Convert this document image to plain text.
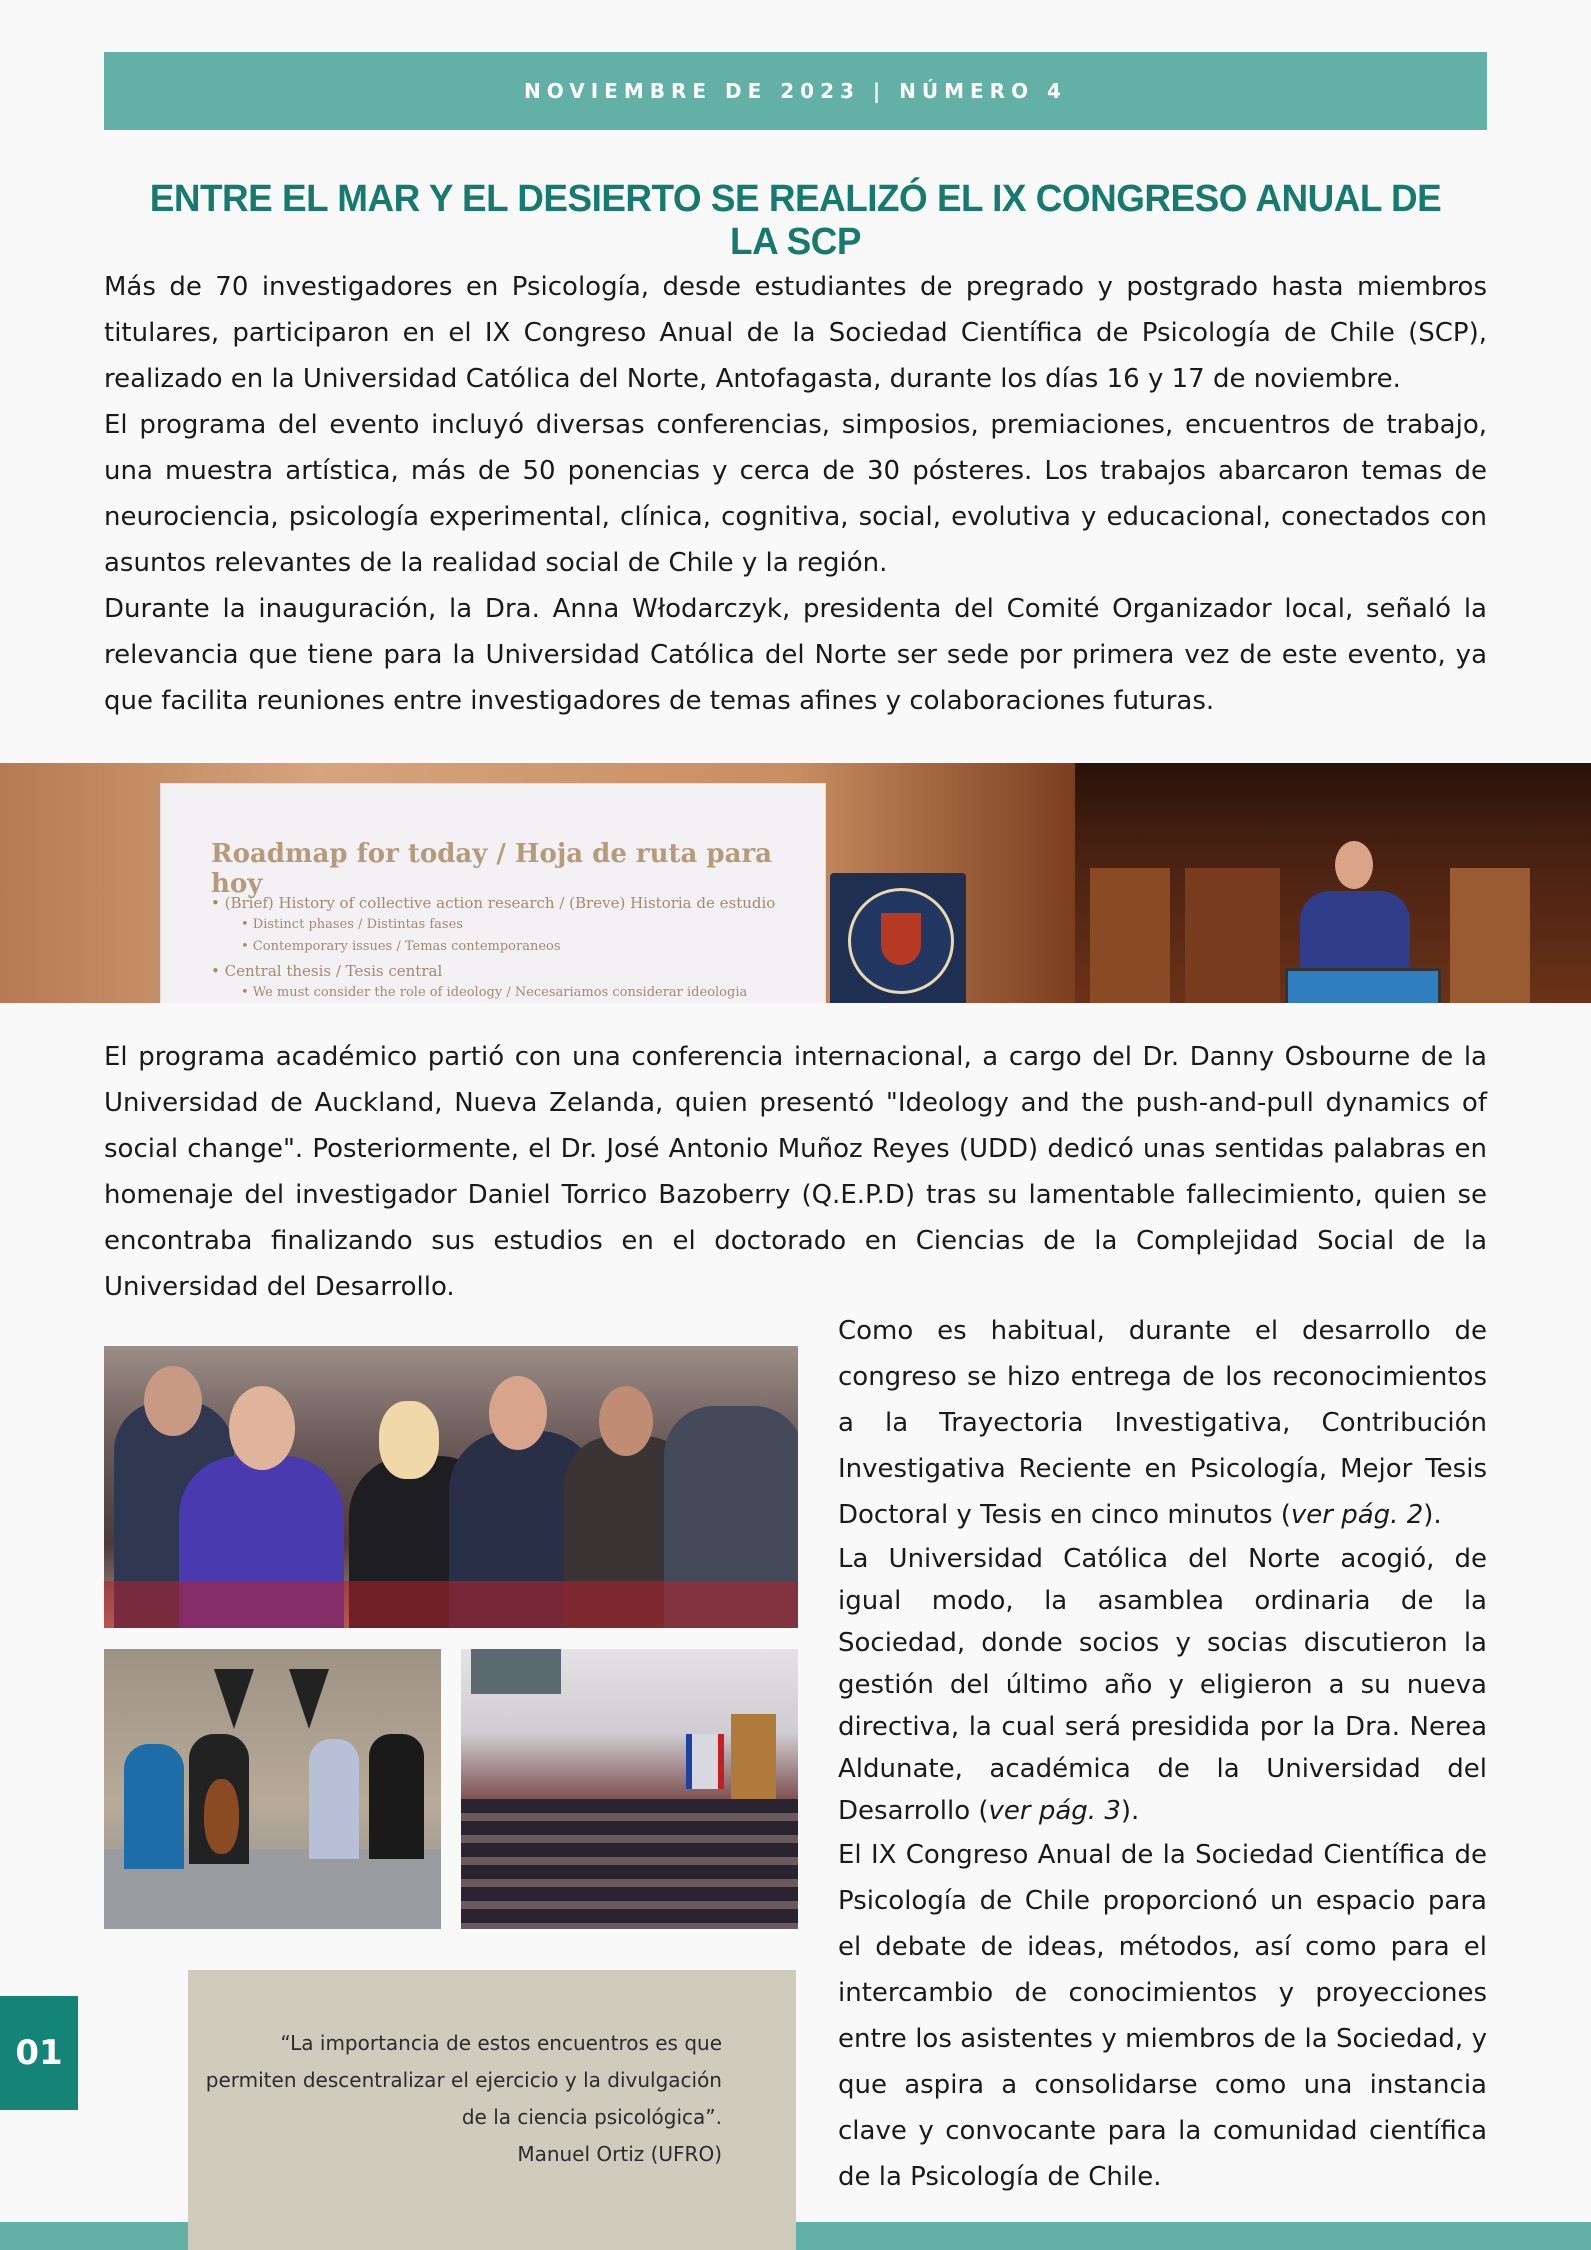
NOVIEMBRE DE 2023 | NÚMERO 4
ENTRE EL MAR Y EL DESIERTO SE REALIZÓ EL IX CONGRESO ANUAL DE LA SCP

Más de 70 investigadores en Psicología, desde estudiantes de pregrado y postgrado hasta miembros titulares, participaron en el IX Congreso Anual de la Sociedad Científica de Psicología de Chile (SCP), realizado en la Universidad Católica del Norte, Antofagasta, durante los días 16 y 17 de noviembre.

El programa del evento incluyó diversas conferencias, simposios, premiaciones, encuentros de trabajo, una muestra artística, más de 50 ponencias y cerca de 30 pósteres. Los trabajos abarcaron temas de neurociencia, psicología experimental, clínica, cognitiva, social, evolutiva y educacional, conectados con asuntos relevantes de la realidad social de Chile y la región.

Durante la inauguración, la Dra. Anna Włodarczyk, presidenta del Comité Organizador local, señaló la relevancia que tiene para la Universidad Católica del Norte ser sede por primera vez de este evento, ya que facilita reuniones entre investigadores de temas afines y colaboraciones futuras.

Roadmap for today / Hoja de ruta para hoy
• (Brief) History of collective action research / (Breve) Historia de estudio
• Distinct phases / Distintas fases
• Contemporary issues / Temas contemporaneos
• Central thesis / Tesis central
• We must consider the role of ideology / Necesariamos considerar ideologia

El programa académico partió con una conferencia internacional, a cargo del Dr. Danny Osbourne de la Universidad de Auckland, Nueva Zelanda, quien presentó "Ideology and the push-and-pull dynamics of social change". Posteriormente, el Dr. José Antonio Muñoz Reyes (UDD) dedicó unas sentidas palabras en homenaje del investigador Daniel Torrico Bazoberry (Q.E.P.D) tras su lamentable fallecimiento, quien se encontraba finalizando sus estudios en el doctorado en Ciencias de la Complejidad Social de la Universidad del Desarrollo.

Como es habitual, durante el desarrollo de congreso se hizo entrega de los reconocimientos a la Trayectoria Investigativa, Contribución Investigativa Reciente en Psicología, Mejor Tesis Doctoral y Tesis en cinco minutos (ver pág. 2).

La Universidad Católica del Norte acogió, de igual modo, la asamblea ordinaria de la Sociedad, donde socios y socias discutieron la gestión del último año y eligieron a su nueva directiva, la cual será presidida por la Dra. Nerea Aldunate, académica de la Universidad del Desarrollo (ver pág. 3).

El IX Congreso Anual de la Sociedad Científica de Psicología de Chile proporcionó un espacio para el debate de ideas, métodos, así como para el intercambio de conocimientos y proyecciones entre los asistentes y miembros de la Sociedad, y que aspira a consolidarse como una instancia clave y convocante para la comunidad científica de la Psicología de Chile.

01	“La importancia de estos encuentros es que permiten descentralizar el ejercicio y la divulgación de la ciencia psicológica”.
Manuel Ortiz (UFRO)
